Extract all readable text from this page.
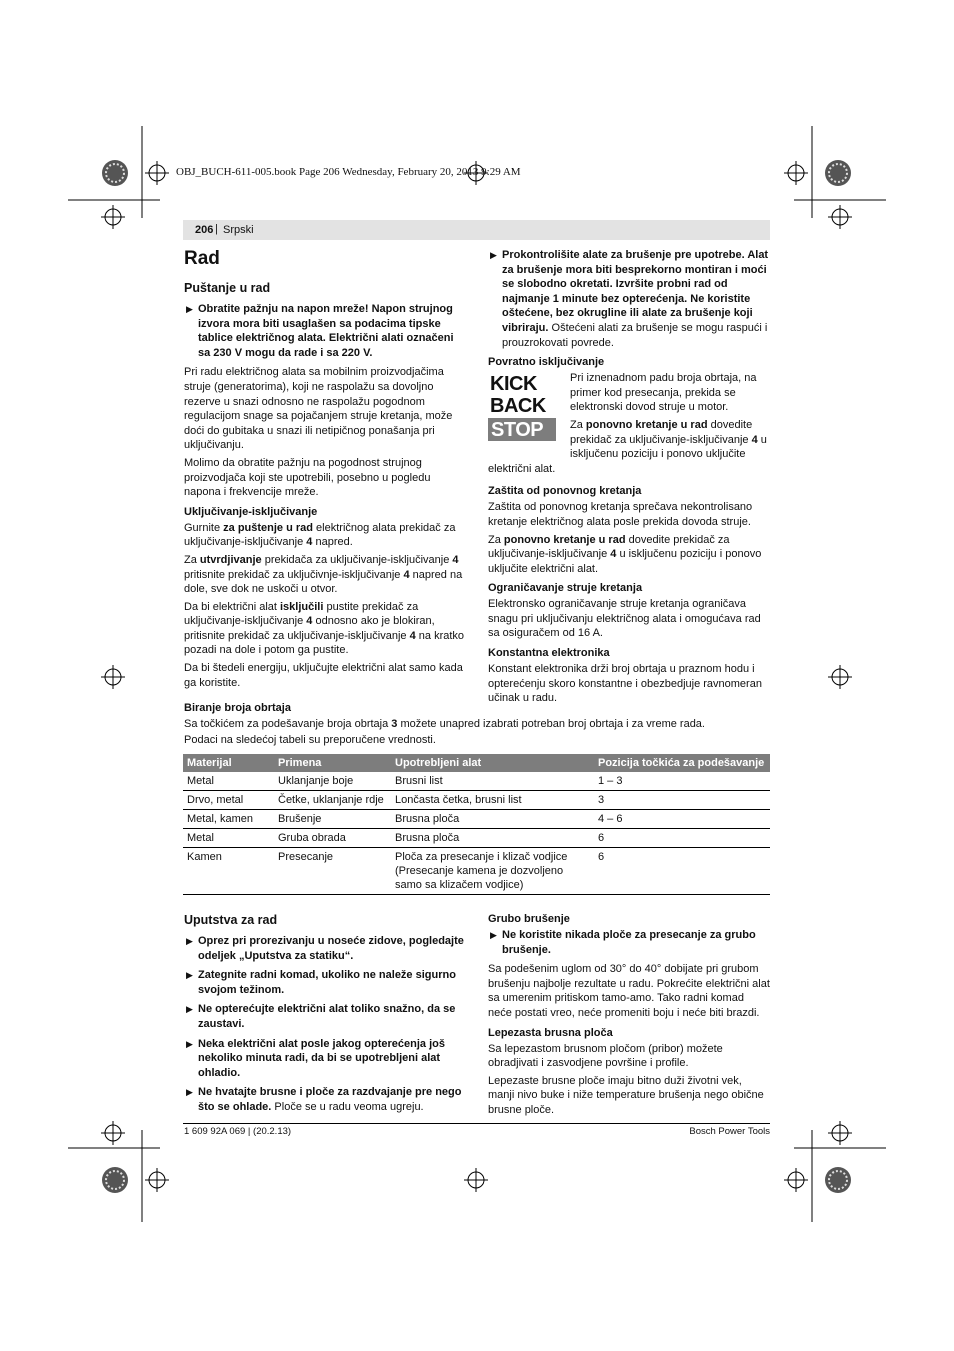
OBJ_BUCH-611-005.book Page 206 Wednesday, February 20, 2013 9:29 AM
206 | Srpski
Rad
Puštanje u rad
▶ Obratite pažnju na napon mreže! Napon strujnog izvora mora biti usaglašen sa podacima tipske tablice električnog alata. Električni alati označeni sa 230 V mogu da rade i sa 220 V.

Pri radu električnog alata sa mobilnim proizvodjačima struje (generatorima), koji ne raspolažu sa dovoljno rezerve u snazi odnosno ne raspolažu pogodnom regulacijom snage sa pojačanjem struje kretanja, može doći do gubitaka u snazi ili netipičnog ponašanja pri uključivanju.

Molimo da obratite pažnju na pogodnost strujnog proizvodjača koji ste upotrebili, posebno u pogledu napona i frekvencije mreže.

Uključivanje-isključivanje

Gurnite za puštenje u rad električnog alata prekidač za uključivanje-isključivanje 4 napred.

Za utvrdjivanje prekidača za uključivanje-isključivanje 4 pritisnite prekidač za uključivnje-isključivanje 4 napred na dole, sve dok ne uskoči u otvor.

Da bi električni alat isključili pustite prekidač za uključivanje-isključivanje 4 odnosno ako je blokiran, pritisnite prekidač za uključivanje-isključivanje 4 na kratko pozadi na dole i potom ga pustite.

Da bi štedeli energiju, uključujte električni alat samo kada ga koristite.

▶ Prokontrolišite alate za brušenje pre upotrebe. Alat za brušenje mora biti besprekorno montiran i moći se slobodno okretati. Izvršite probni rad od najmanje 1 minute bez opterećenja. Ne koristite oštećene, bez okrugline ili alate za brušenje koji vibriraju. Oštećeni alati za brušenje se mogu raspući i prouzrokovati povrede.
Povratno isključivanje
KICK
BACK
STOP

Pri iznenadnom padu broja obrtaja, na primer kod presecanja, prekida se elektronski dovod struje u motor.

Za ponovno kretanje u rad dovedite prekidač za uključivanje-isključivanje 4 u isključenu poziciju i ponovo uključite električni alat.

Zaštita od ponovnog kretanja

Zaštita od ponovnog kretanja sprečava nekontrolisano kretanje električnog alata posle prekida dovoda struje.

Za ponovno kretanje u rad dovedite prekidač za uključivanje-isključivanje 4 u isključenu poziciju i ponovo uključite električni alat.

Ograničavanje struje kretanja

Elektronsko ograničavanje struje kretanja ograničava snagu pri uključivanju električnog alata i omogućava rad sa osiguračem od 16 A.

Konstantna elektronika

Konstant elektronika drži broj obrtaja u praznom hodu i opterećenju skoro konstantne i obezbedjuje ravnomeran učinak u radu.

Biranje broja obrtaja
Sa točkićem za podešavanje broja obrtaja 3 možete unapred izabrati potreban broj obrtaja i za vreme rada.
Podaci na sledećoj tabeli su preporučene vrednosti.
Materijal	Primena	Upotrebljeni alat	Pozicija točkića za podešavanje
Metal	Uklanjanje boje	Brusni list	1 – 3
Drvo, metal	Četke, uklanjanje rdje	Lončasta četka, brusni list	3
Metal, kamen	Brušenje	Brusna ploča	4 – 6
Metal	Gruba obrada	Brusna ploča	6
Kamen	Presecanje	Ploča za presecanje i klizač vodjice (Presecanje kamena je dozvoljeno samo sa klizačem vodjice)	6
Uputstva za rad
▶ Oprez pri prorezivanju u noseće zidove, pogledajte odeljek „Uputstva za statiku“.
▶ Zategnite radni komad, ukoliko ne naleže sigurno svojom težinom.
▶ Ne opterećujte električni alat toliko snažno, da se zaustavi.
▶ Neka električni alat posle jakog opterećenja još nekoliko minuta radi, da bi se upotrebljeni alat ohladio.
▶ Ne hvatajte brusne i ploče za razdvajanje pre nego što se ohlade. Ploče se u radu veoma ugreju.
Grubo brušenje
▶ Ne koristite nikada ploče za presecanje za grubo brušenje.

Sa podešenim uglom od 30° do 40° dobijate pri grubom brušenju najbolje rezultate u radu. Pokrećite električni alat sa umerenim pritiskom tamo-amo. Tako radni komad neće postati vreo, neće promeniti boju i neće biti brazdi.

Lepezasta brusna ploča

Sa lepezastom brusnom pločom (pribor) možete obradjivati i zasvodjene površine i profile.

Lepezaste brusne ploče imaju bitno duži životni vek, manji nivo buke i niže temperature brušenja nego obične brusne ploče.

1 609 92A 069 | (20.2.13)	Bosch Power Tools
